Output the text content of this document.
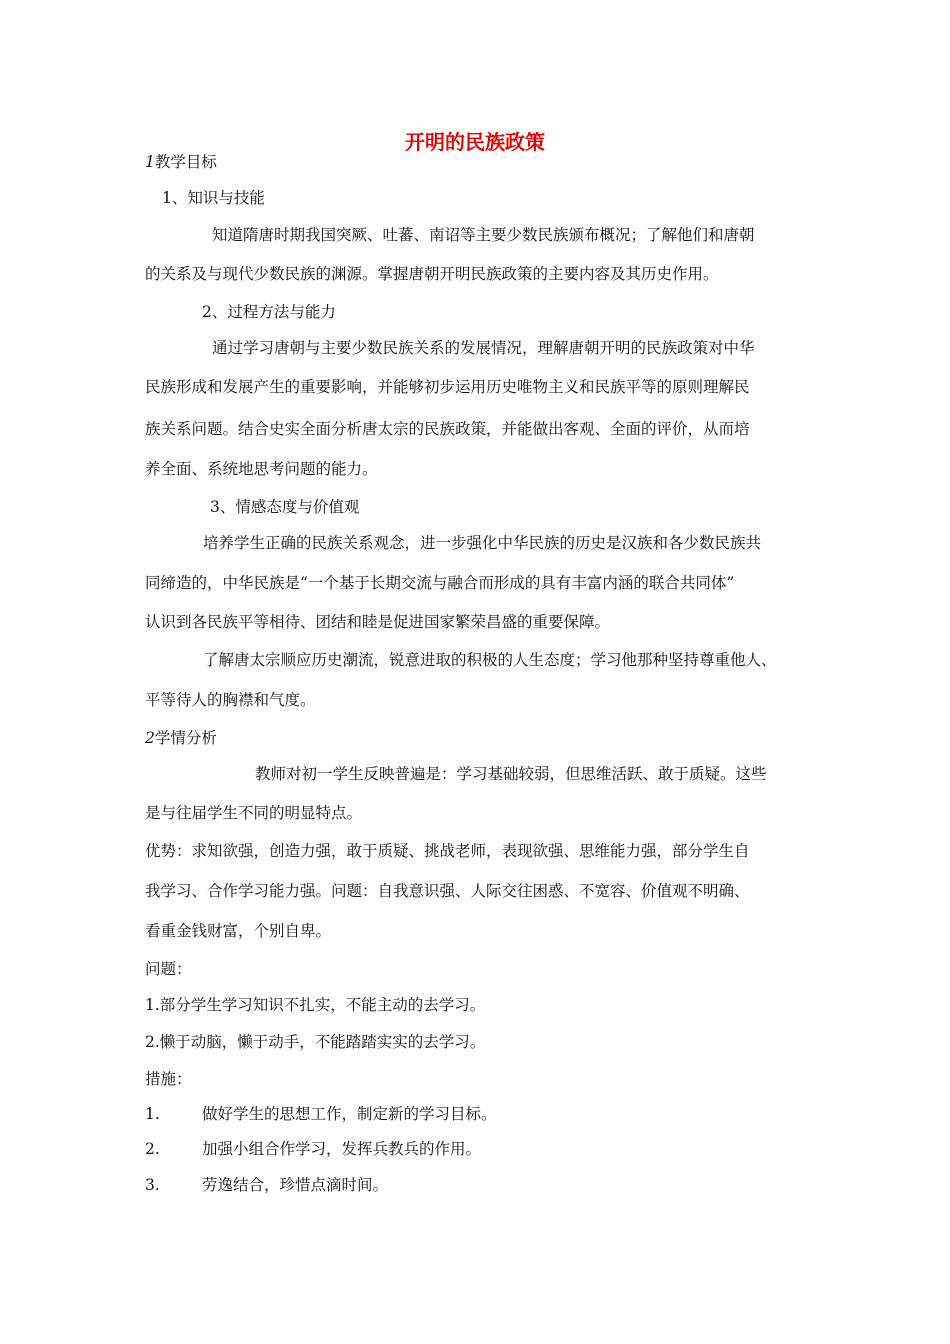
开明的民族政策
1教学目标
1、知识与技能
知道隋唐时期我国突厥、吐蕃、南诏等主要少数民族颁布概况；了解他们和唐朝
的关系及与现代少数民族的渊源。掌握唐朝开明民族政策的主要内容及其历史作用。
2、过程方法与能力
通过学习唐朝与主要少数民族关系的发展情况，理解唐朝开明的民族政策对中华
民族形成和发展产生的重要影响，并能够初步运用历史唯物主义和民族平等的原则理解民
族关系问题。结合史实全面分析唐太宗的民族政策，并能做出客观、全面的评价，从而培
养全面、系统地思考问题的能力。
3、情感态度与价值观
培养学生正确的民族关系观念，进一步强化中华民族的历史是汉族和各少数民族共
同缔造的，中华民族是“一个基于长期交流与融合而形成的具有丰富内涵的联合共同体”
认识到各民族平等相待、团结和睦是促进国家繁荣昌盛的重要保障。
了解唐太宗顺应历史潮流，锐意进取的积极的人生态度；学习他那种坚持尊重他人、
平等待人的胸襟和气度。
2学情分析
教师对初一学生反映普遍是：学习基础较弱，但思维活跃、敢于质疑。这些
是与往届学生不同的明显特点。
优势：求知欲强，创造力强，敢于质疑、挑战老师，表现欲强、思维能力强，部分学生自
我学习、合作学习能力强。问题：自我意识强、人际交往困惑、不宽容、价值观不明确、
看重金钱财富，个别自卑。
问题：
1.部分学生学习知识不扎实，不能主动的去学习。
2.懒于动脑，懒于动手，不能踏踏实实的去学习。
措施：
1.	做好学生的思想工作，制定新的学习目标。
2.	加强小组合作学习，发挥兵教兵的作用。
3.	劳逸结合，珍惜点滴时间。
